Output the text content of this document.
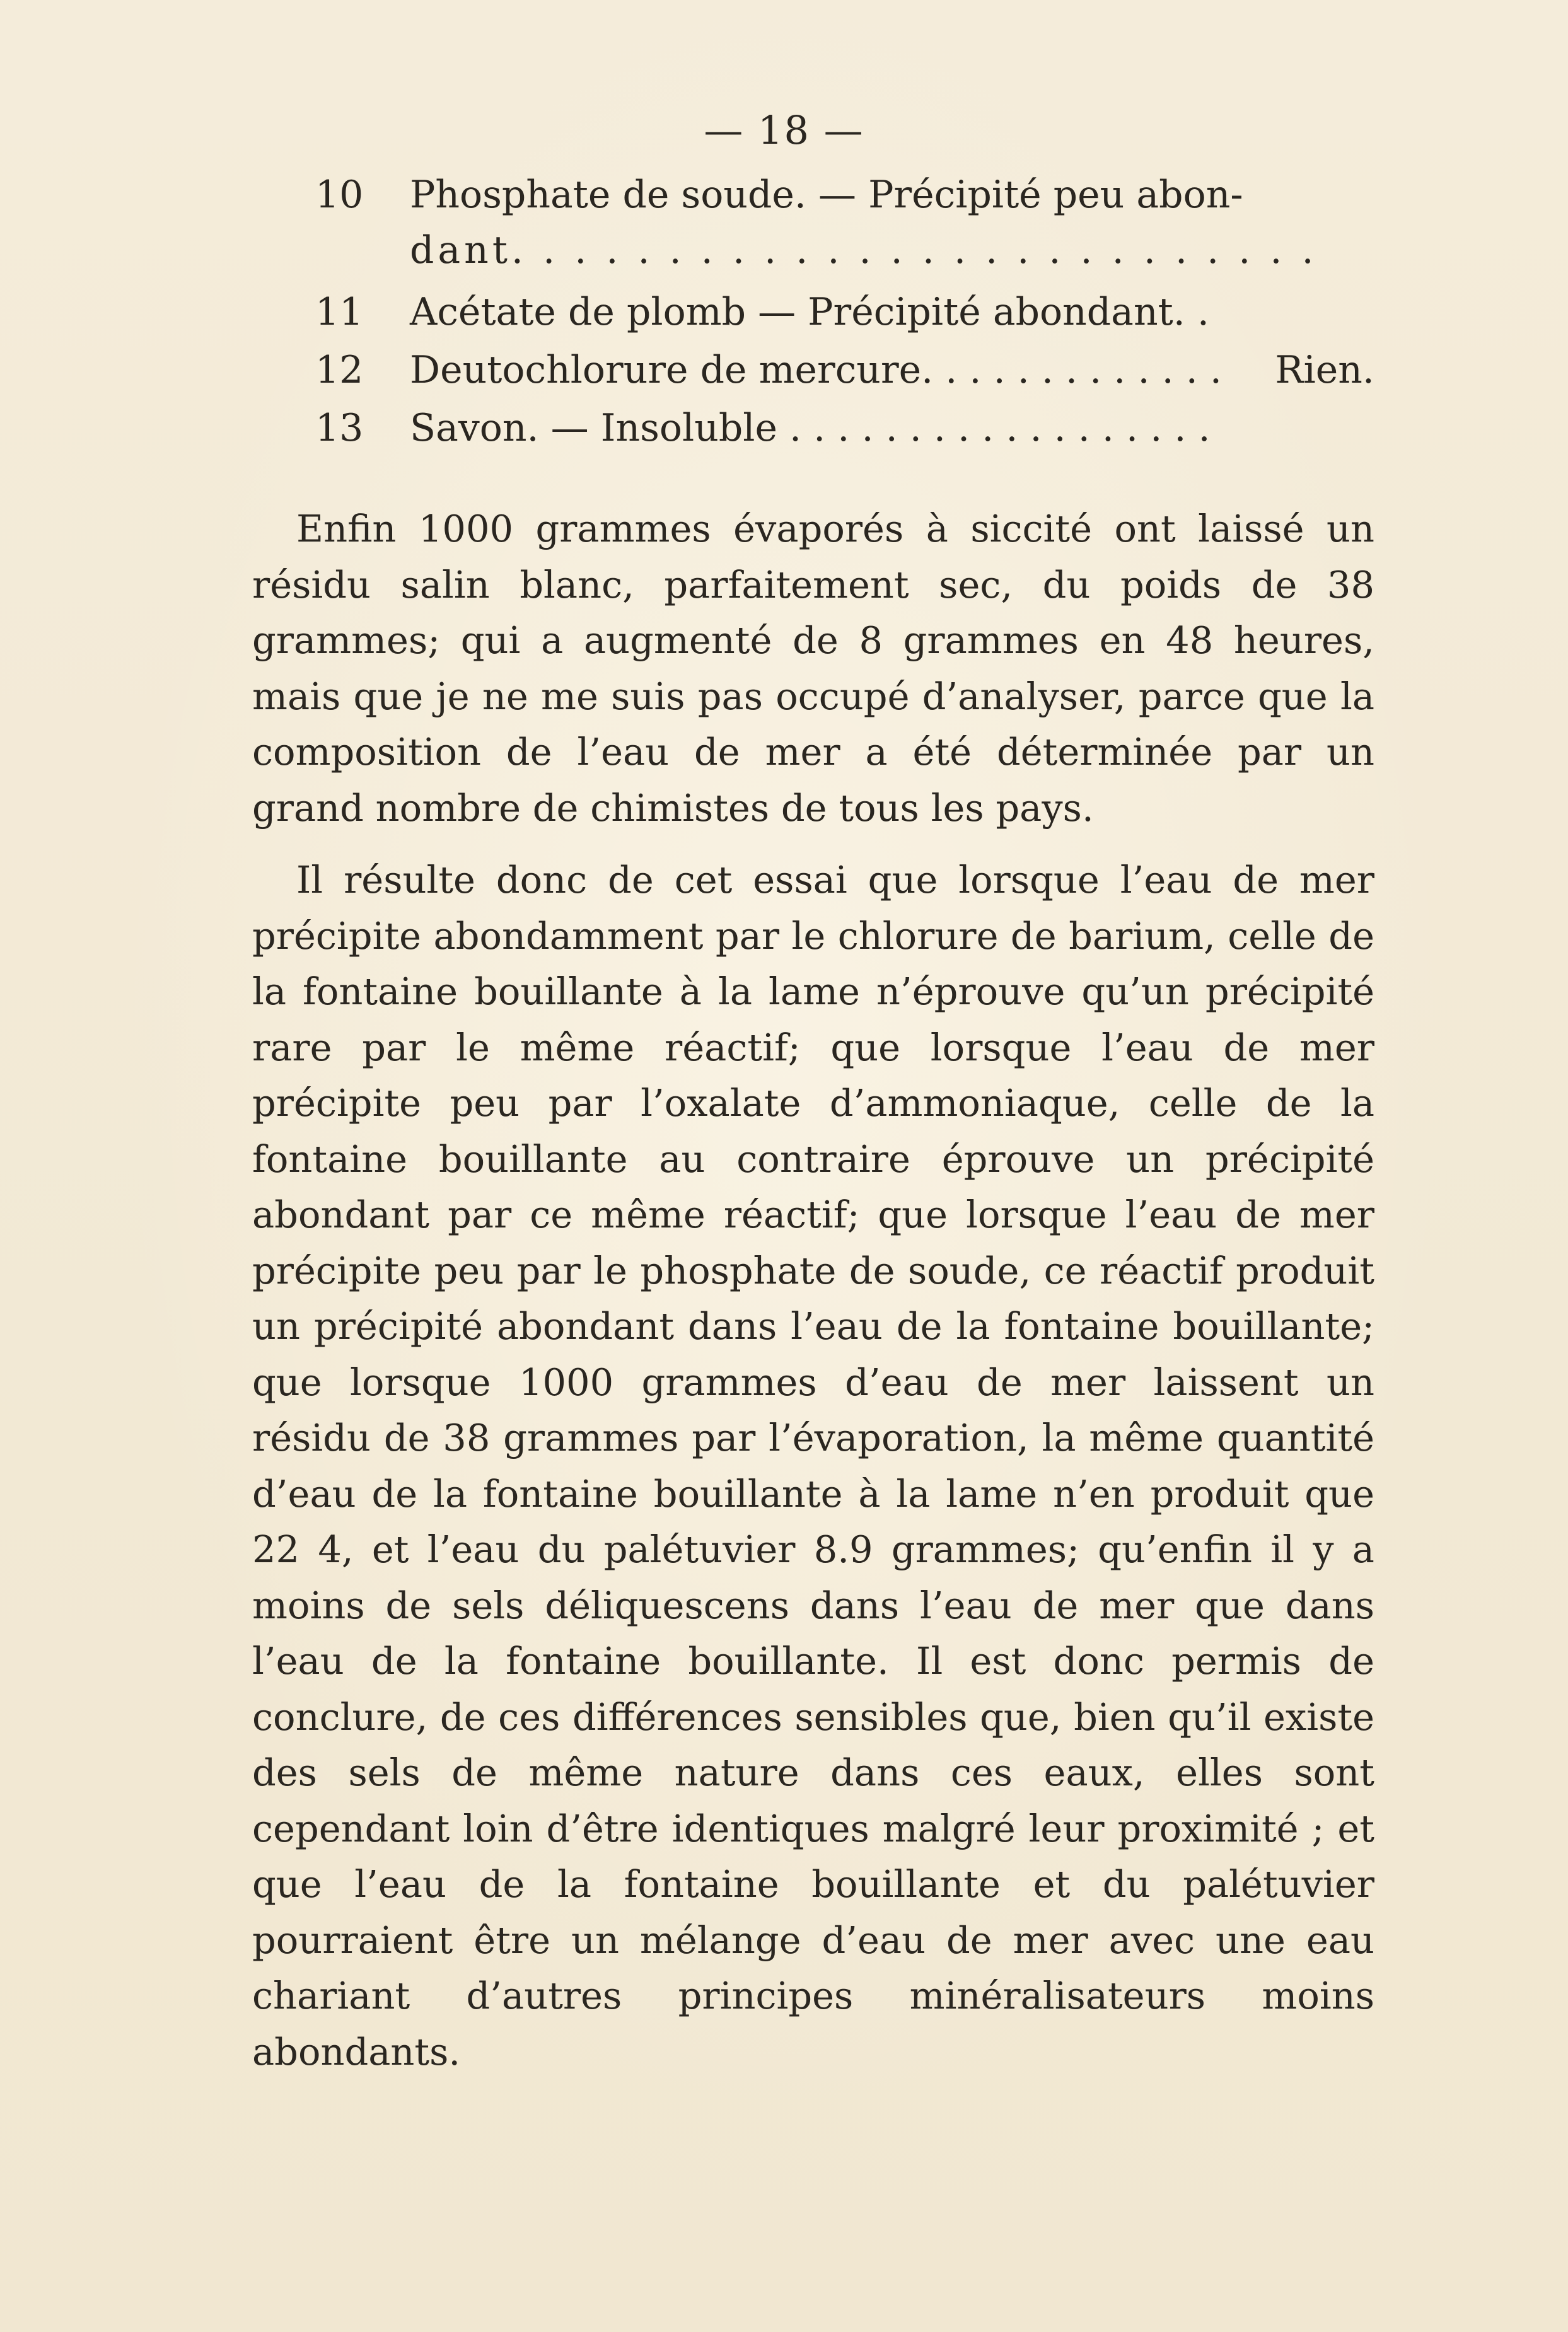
— 18 —
10	Phosphate de soude. — Précipité peu abon-
dant. . . . . . . . . . . . . . . . . . . . . . . . . .
11	Acétate de plomb — Précipité abondant. .
12	Deutochlorure de mercure. . . . . . . . . . . . . Rien.
13	Savon. — Insoluble . . . . . . . . . . . . . . . . . .

Enfin 1000 grammes évaporés à siccité ont laissé un résidu salin blanc, parfaitement sec, du poids de 38 grammes; qui a augmenté de 8 grammes en 48 heures, mais que je ne me suis pas occupé d’analyser, parce que la composition de l’eau de mer a été déterminée par un grand nombre de chimistes de tous les pays.

Il résulte donc de cet essai que lorsque l’eau de mer précipite abondamment par le chlorure de barium, celle de la fontaine bouillante à la lame n’éprouve qu’un précipité rare par le même réactif; que lorsque l’eau de mer précipite peu par l’oxalate d’ammoniaque, celle de la fontaine bouillante au contraire éprouve un précipité abondant par ce même réactif; que lorsque l’eau de mer précipite peu par le phosphate de soude, ce réactif produit un précipité abondant dans l’eau de la fontaine bouillante; que lorsque 1000 grammes d’eau de mer laissent un résidu de 38 grammes par l’évaporation, la même quantité d’eau de la fontaine bouillante à la lame n’en produit que 22 4, et l’eau du palétuvier 8.9 grammes; qu’enfin il y a moins de sels déliquescens dans l’eau de mer que dans l’eau de la fontaine bouillante. Il est donc permis de conclure, de ces différences sensibles que, bien qu’il existe des sels de même nature dans ces eaux, elles sont cependant loin d’être identiques malgré leur proximité ; et que l’eau de la fontaine bouillante et du palétuvier pourraient être un mélange d’eau de mer avec une eau chariant d’autres principes minéralisateurs moins abondants.
